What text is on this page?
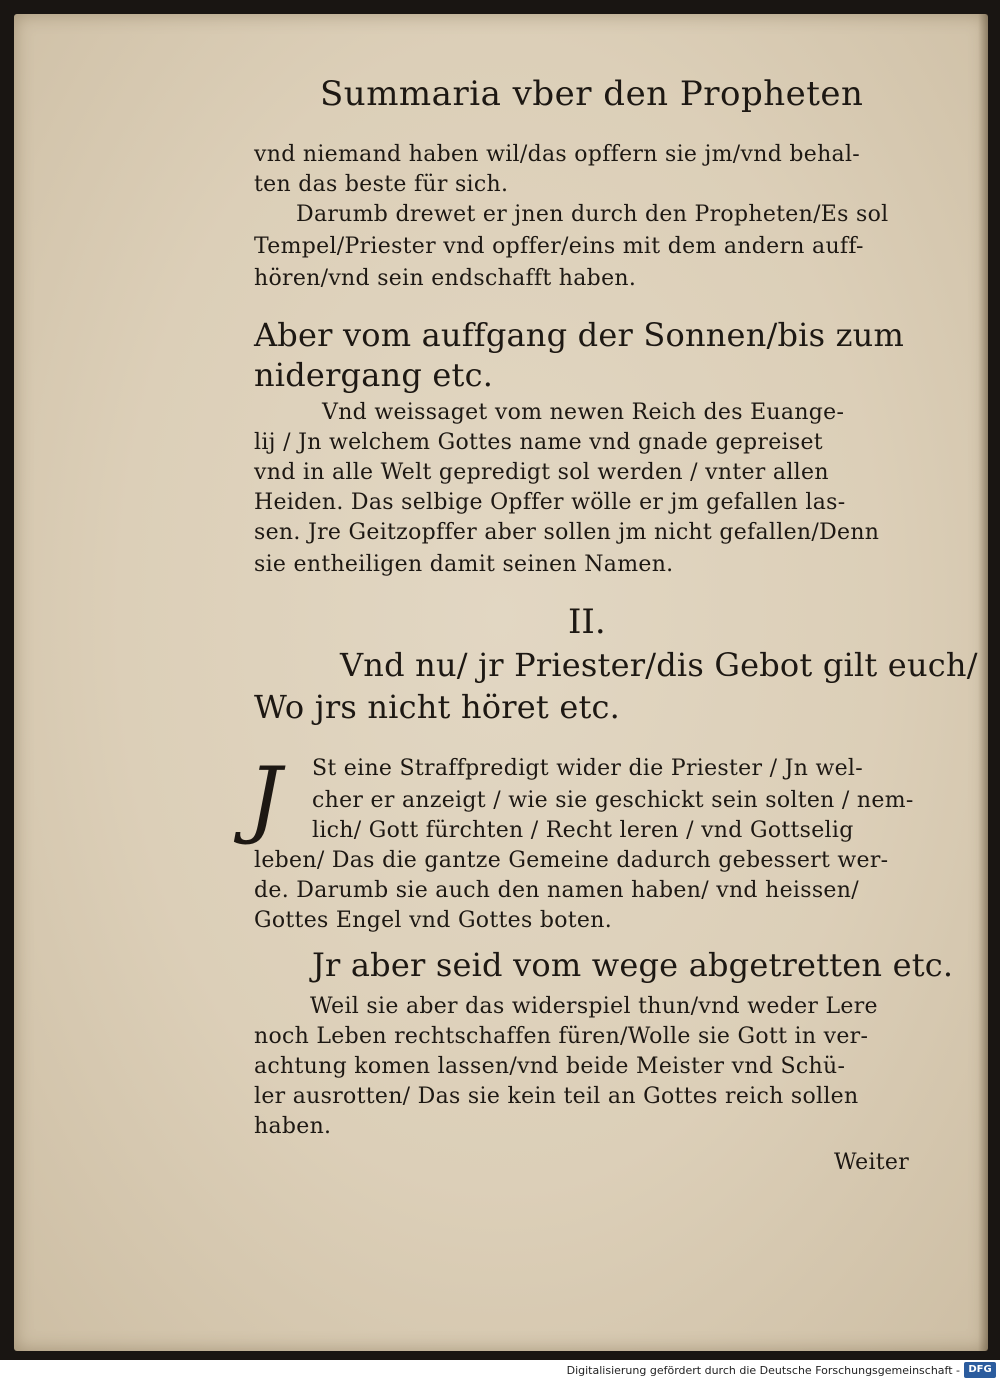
Summaria vber den Propheten
vnd niemand haben wil/das opffern sie jm/vnd behal-
ten das beste für sich.
Darumb drewet er jnen durch den Propheten/Es sol
Tempel/Priester vnd opffer/eins mit dem andern auff-
hören/vnd sein endschafft haben.
Aber vom auffgang der Sonnen/bis zum
nidergang etc.
Vnd weissaget vom newen Reich des Euange-
lij / Jn welchem Gottes name vnd gnade gepreiset
vnd in alle Welt gepredigt sol werden / vnter allen
Heiden. Das selbige Opffer wölle er jm gefallen las-
sen. Jre Geitzopffer aber sollen jm nicht gefallen/Denn
sie entheiligen damit seinen Namen.
II.
Vnd nu/ jr Priester/dis Gebot gilt euch/
Wo jrs nicht höret etc.
J	St eine Straffpredigt wider die Priester / Jn wel-
cher er anzeigt / wie sie geschickt sein solten / nem-
lich/ Gott fürchten / Recht leren / vnd Gottselig
leben/ Das die gantze Gemeine dadurch gebessert wer-
de. Darumb sie auch den namen haben/ vnd heissen/
Gottes Engel vnd Gottes boten.
Jr aber seid vom wege abgetretten etc.
Weil sie aber das widerspiel thun/vnd weder Lere
noch Leben rechtschaffen füren/Wolle sie Gott in ver-
achtung komen lassen/vnd beide Meister vnd Schü-
ler ausrotten/ Das sie kein teil an Gottes reich sollen
haben.
Weiter
Digitalisierung gefördert durch die Deutsche Forschungsgemeinschaft - DFG
